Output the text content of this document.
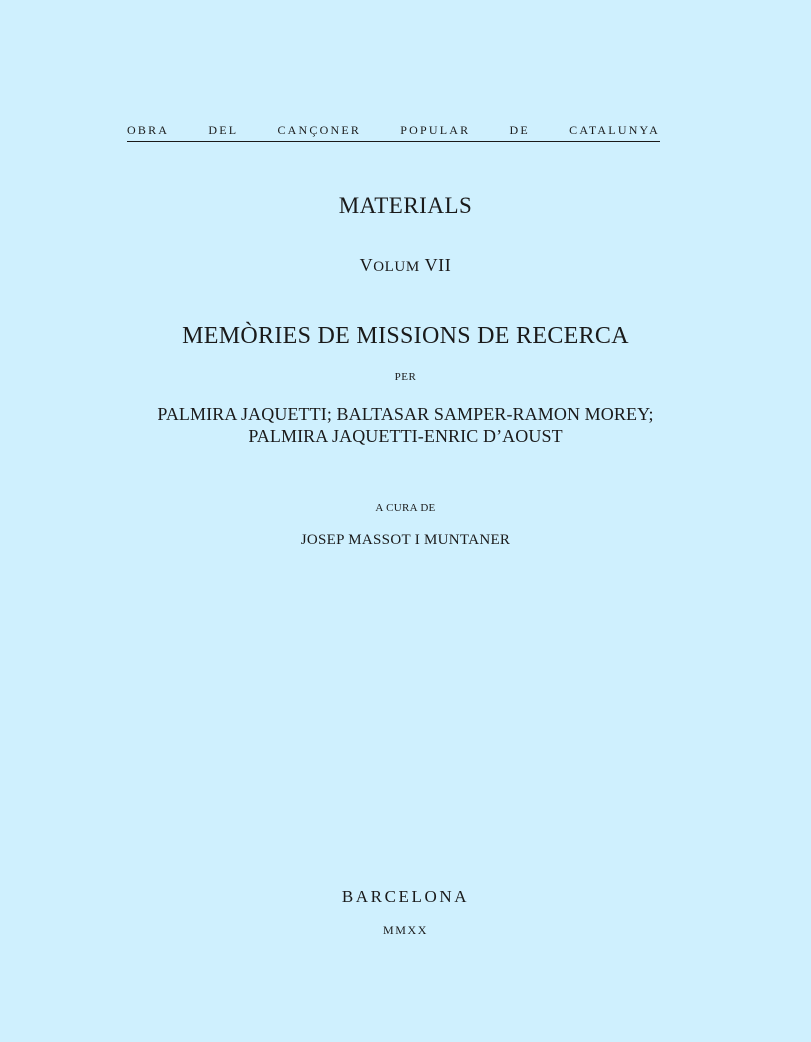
OBRA	DEL	CANÇONER	POPULAR	DE	CATALUNYA
MATERIALS
VOLUM VII
MEMÒRIES DE MISSIONS DE RECERCA
PER
PALMIRA JAQUETTI; BALTASAR SAMPER-RAMON MOREY;
PALMIRA JAQUETTI-ENRIC D’AOUST
A CURA DE
JOSEP MASSOT I MUNTANER
BARCELONA
MMXX
